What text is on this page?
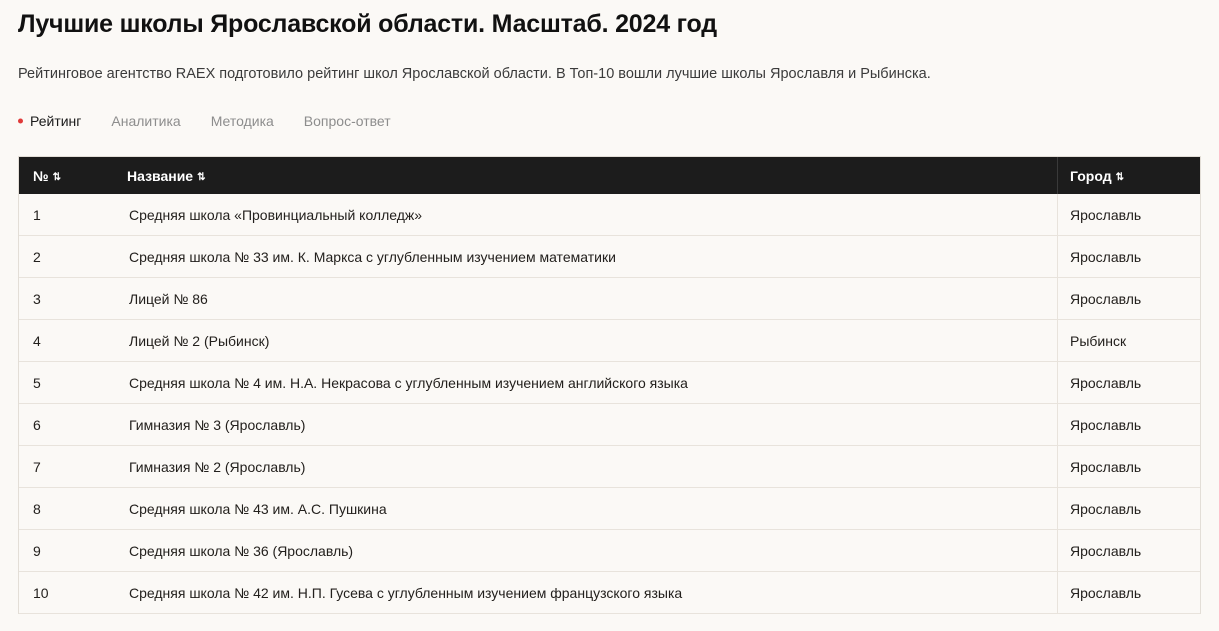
Лучшие школы Ярославской области. Масштаб. 2024 год

Рейтинговое агентство RAEX подготовило рейтинг школ Ярославской области. В Топ-10 вошли лучшие школы Ярославля и Рыбинска.

Рейтинг	Аналитика	Методика	Вопрос-ответ
№ ⇅	Название ⇅	Город ⇅
1	Средняя школа «Провинциальный колледж»	Ярославль
2	Средняя школа № 33 им. К. Маркса с углубленным изучением математики	Ярославль
3	Лицей № 86	Ярославль
4	Лицей № 2 (Рыбинск)	Рыбинск
5	Средняя школа № 4 им. Н.А. Некрасова с углубленным изучением английского языка	Ярославль
6	Гимназия № 3 (Ярославль)	Ярославль
7	Гимназия № 2 (Ярославль)	Ярославль
8	Средняя школа № 43 им. А.С. Пушкина	Ярославль
9	Средняя школа № 36 (Ярославль)	Ярославль
10	Средняя школа № 42 им. Н.П. Гусева с углубленным изучением французского языка	Ярославль
